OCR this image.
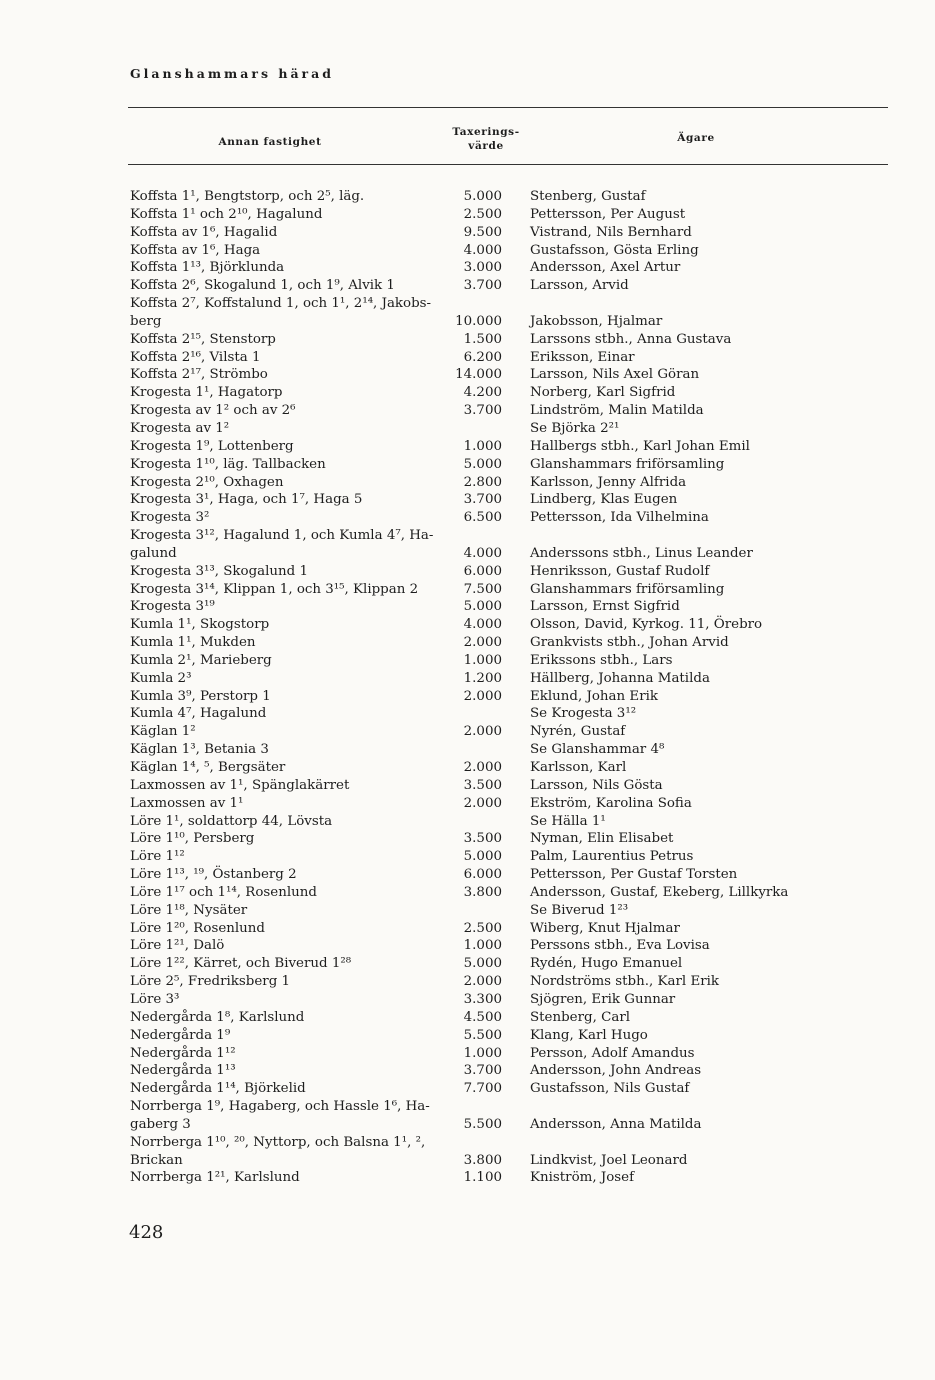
Glanshammars härad
Annan fastighet
Taxerings-
värde
Ägare
Koffsta 1¹, Bengtstorp, och 2⁵, läg.	5.000 Stenberg, Gustaf
Koffsta 1¹ och 2¹⁰, Hagalund	2.500 Pettersson, Per August
Koffsta av 1⁶, Hagalid	9.500 Vistrand, Nils Bernhard
Koffsta av 1⁶, Haga	4.000 Gustafsson, Gösta Erling
Koffsta 1¹³, Björklunda	3.000 Andersson, Axel Artur
Koffsta 2⁶, Skogalund 1, och 1⁹, Alvik 1	3.700 Larsson, Arvid
Koffsta 2⁷, Koffstalund 1, och 1¹, 2¹⁴, Jakobs-
berg	10.000 Jakobsson, Hjalmar
Koffsta 2¹⁵, Stenstorp	1.500 Larssons stbh., Anna Gustava
Koffsta 2¹⁶, Vilsta 1	6.200 Eriksson, Einar
Koffsta 2¹⁷, Strömbo	14.000 Larsson, Nils Axel Göran
Krogesta 1¹, Hagatorp	4.200 Norberg, Karl Sigfrid
Krogesta av 1² och av 2⁶	3.700 Lindström, Malin Matilda
Krogesta av 1²	Se Björka 2²¹
Krogesta 1⁹, Lottenberg	1.000 Hallbergs stbh., Karl Johan Emil
Krogesta 1¹⁰, läg. Tallbacken	5.000 Glanshammars friförsamling
Krogesta 2¹⁰, Oxhagen	2.800 Karlsson, Jenny Alfrida
Krogesta 3¹, Haga, och 1⁷, Haga 5	3.700 Lindberg, Klas Eugen
Krogesta 3²	6.500 Pettersson, Ida Vilhelmina
Krogesta 3¹², Hagalund 1, och Kumla 4⁷, Ha-
galund	4.000 Anderssons stbh., Linus Leander
Krogesta 3¹³, Skogalund 1	6.000 Henriksson, Gustaf Rudolf
Krogesta 3¹⁴, Klippan 1, och 3¹⁵, Klippan 2	7.500 Glanshammars friförsamling
Krogesta 3¹⁹	5.000 Larsson, Ernst Sigfrid
Kumla 1¹, Skogstorp	4.000 Olsson, David, Kyrkog. 11, Örebro
Kumla 1¹, Mukden	2.000 Grankvists stbh., Johan Arvid
Kumla 2¹, Marieberg	1.000 Erikssons stbh., Lars
Kumla 2³	1.200 Hällberg, Johanna Matilda
Kumla 3⁹, Perstorp 1	2.000 Eklund, Johan Erik
Kumla 4⁷, Hagalund	Se Krogesta 3¹²
Käglan 1²	2.000 Nyrén, Gustaf
Käglan 1³, Betania 3	Se Glanshammar 4⁸
Käglan 1⁴, ⁵, Bergsäter	2.000 Karlsson, Karl
Laxmossen av 1¹, Spänglakärret	3.500 Larsson, Nils Gösta
Laxmossen av 1¹	2.000 Ekström, Karolina Sofia
Löre 1¹, soldattorp 44, Lövsta	Se Hälla 1¹
Löre 1¹⁰, Persberg	3.500 Nyman, Elin Elisabet
Löre 1¹²	5.000 Palm, Laurentius Petrus
Löre 1¹³, ¹⁹, Östanberg 2	6.000 Pettersson, Per Gustaf Torsten
Löre 1¹⁷ och 1¹⁴, Rosenlund	3.800 Andersson, Gustaf, Ekeberg, Lillkyrka
Löre 1¹⁸, Nysäter	Se Biverud 1²³
Löre 1²⁰, Rosenlund	2.500 Wiberg, Knut Hjalmar
Löre 1²¹, Dalö	1.000 Perssons stbh., Eva Lovisa
Löre 1²², Kärret, och Biverud 1²⁸	5.000 Rydén, Hugo Emanuel
Löre 2⁵, Fredriksberg 1	2.000 Nordströms stbh., Karl Erik
Löre 3³	3.300 Sjögren, Erik Gunnar
Nedergårda 1⁸, Karlslund	4.500 Stenberg, Carl
Nedergårda 1⁹	5.500 Klang, Karl Hugo
Nedergårda 1¹²	1.000 Persson, Adolf Amandus
Nedergårda 1¹³	3.700 Andersson, John Andreas
Nedergårda 1¹⁴, Björkelid	7.700 Gustafsson, Nils Gustaf
Norrberga 1⁹, Hagaberg, och Hassle 1⁶, Ha-
gaberg 3	5.500 Andersson, Anna Matilda
Norrberga 1¹⁰, ²⁰, Nyttorp, och Balsna 1¹, ²,
Brickan	3.800 Lindkvist, Joel Leonard
Norrberga 1²¹, Karlslund	1.100 Kniström, Josef
428
